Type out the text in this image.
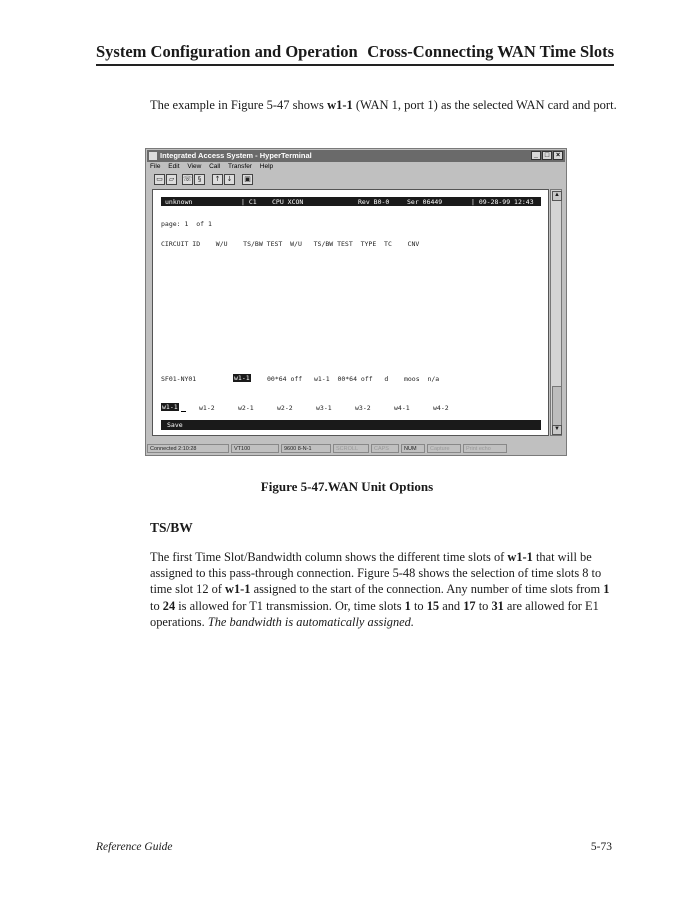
System Configuration and Operation Cross-Connecting WAN Time Slots
The example in Figure 5-47 shows w1-1 (WAN 1, port 1) as the selected WAN card and port.
Integrated Access System - HyperTerminal	_ □ ×
File Edit View Call Transfer Help
▭ ▱	☏ §	↑ ↓	▣
unknown	| C1 CPU XCON	Rev B0-0	Ser 06449	| 09-28-99 12:43
page: 1  of 1
CIRCUIT ID    W/U    TS/BW TEST  W/U   TS/BW TEST  TYPE  TC    CNV
SF01-NY01	w1-1	00*64 off   w1-1  00*64 off   d    moos  n/a
w1-1	w1-2	w2-1	w2-2	w3-1	w3-2	w4-1	w4-2
Save
▲
▼
Connected 2:10:28	VT100	9600 8-N-1	SCROLL	CAPS	NUM	Capture	Print echo
Figure 5-47.WAN Unit Options
TS/BW
The first Time Slot/Bandwidth column shows the different time slots of w1-1 that will be assigned to this pass-through connection. Figure 5-48 shows the selection of time slots 8 to time slot 12 of w1-1 assigned to the start of the connection. Any number of time slots from 1 to 24 is allowed for T1 transmission. Or, time slots 1 to 15 and 17 to 31 are allowed for E1 operations. The bandwidth is automatically assigned.
Reference Guide	5-73
